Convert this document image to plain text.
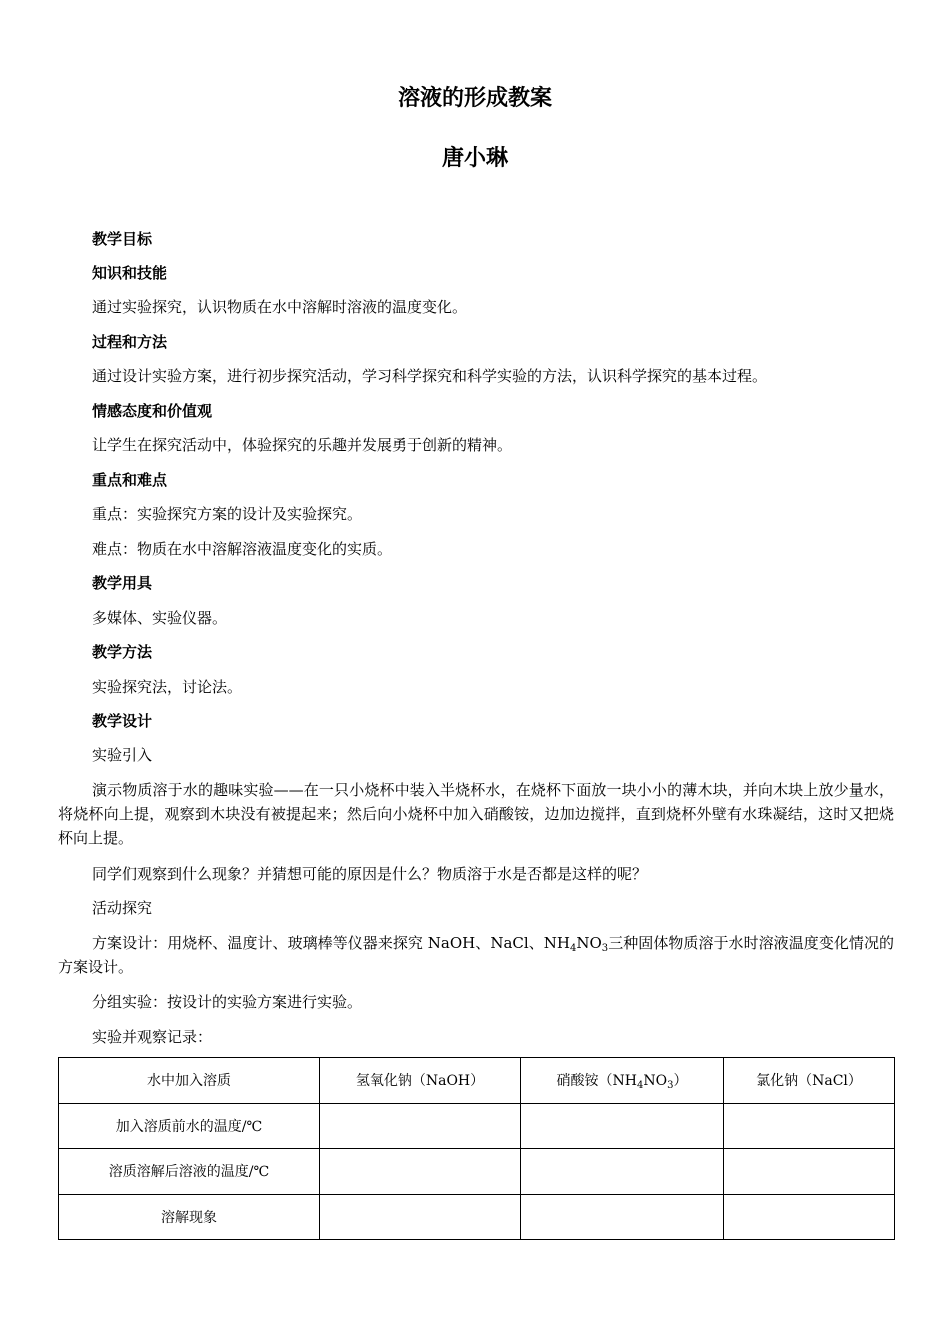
溶液的形成教案
唐小琳
教学目标
知识和技能
通过实验探究，认识物质在水中溶解时溶液的温度变化。
过程和方法
通过设计实验方案，进行初步探究活动，学习科学探究和科学实验的方法，认识科学探究的基本过程。
情感态度和价值观
让学生在探究活动中，体验探究的乐趣并发展勇于创新的精神。
重点和难点
重点：实验探究方案的设计及实验探究。
难点：物质在水中溶解溶液温度变化的实质。
教学用具
多媒体、实验仪器。
教学方法
实验探究法，讨论法。
教学设计
实验引入
演示物质溶于水的趣味实验——在一只小烧杯中装入半烧杯水，在烧杯下面放一块小小的薄木块，并向木块上放少量水，将烧杯向上提，观察到木块没有被提起来；然后向小烧杯中加入硝酸铵，边加边搅拌，直到烧杯外壁有水珠凝结，这时又把烧杯向上提。
同学们观察到什么现象？并猜想可能的原因是什么？物质溶于水是否都是这样的呢？
活动探究
方案设计：用烧杯、温度计、玻璃棒等仪器来探究 NaOH、NaCl、$NH_4NO_3$三种固体物质溶于水时溶液温度变化情况的方案设计。
分组实验：按设计的实验方案进行实验。
实验并观察记录：
水中加入溶质	氢氧化钠（NaOH）	硝酸铵$(NH_4NO_3)$	氯化钠（NaCl）
加入溶质前水的温度/℃			
溶质溶解后溶液的温度/℃			
溶解现象			
